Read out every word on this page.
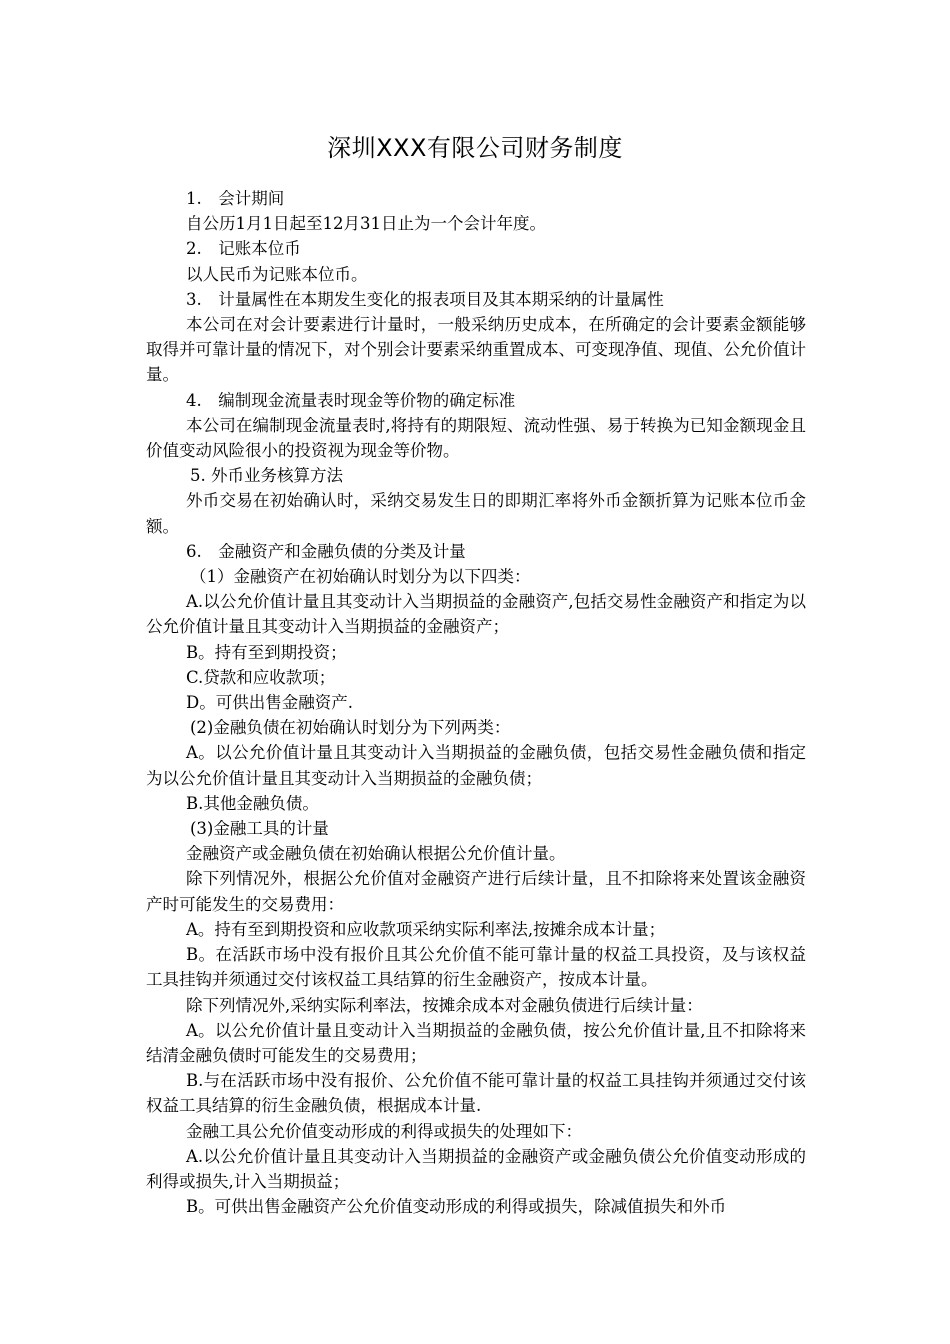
深圳XXX有限公司财务制度

1.　会计期间

自公历1月1日起至12月31日止为一个会计年度。

2.　记账本位币

以人民币为记账本位币。

3.　计量属性在本期发生变化的报表项目及其本期采纳的计量属性

本公司在对会计要素进行计量时，一般采纳历史成本，在所确定的会计要素金额能够取得并可靠计量的情况下，对个别会计要素采纳重置成本、可变现净值、现值、公允价值计量。

4.　编制现金流量表时现金等价物的确定标准

本公司在编制现金流量表时,将持有的期限短、流动性强、易于转换为已知金额现金且价值变动风险很小的投资视为现金等价物。

5. 外币业务核算方法

外币交易在初始确认时，采纳交易发生日的即期汇率将外币金额折算为记账本位币金额。

6.　金融资产和金融负债的分类及计量

（1）金融资产在初始确认时划分为以下四类：

A.以公允价值计量且其变动计入当期损益的金融资产,包括交易性金融资产和指定为以公允价值计量且其变动计入当期损益的金融资产；

B。持有至到期投资；

C.贷款和应收款项；

D。可供出售金融资产.

(2)金融负债在初始确认时划分为下列两类：

A。以公允价值计量且其变动计入当期损益的金融负债，包括交易性金融负债和指定为以公允价值计量且其变动计入当期损益的金融负债；

B.其他金融负债。

(3)金融工具的计量

金融资产或金融负债在初始确认根据公允价值计量。

除下列情况外，根据公允价值对金融资产进行后续计量，且不扣除将来处置该金融资产时可能发生的交易费用：

A。持有至到期投资和应收款项采纳实际利率法,按摊余成本计量；

B。在活跃市场中没有报价且其公允价值不能可靠计量的权益工具投资，及与该权益工具挂钩并须通过交付该权益工具结算的衍生金融资产，按成本计量。

除下列情况外,采纳实际利率法，按摊余成本对金融负债进行后续计量：

A。以公允价值计量且变动计入当期损益的金融负债，按公允价值计量,且不扣除将来结清金融负债时可能发生的交易费用；

B.与在活跃市场中没有报价、公允价值不能可靠计量的权益工具挂钩并须通过交付该权益工具结算的衍生金融负债，根据成本计量.

金融工具公允价值变动形成的利得或损失的处理如下：

A.以公允价值计量且其变动计入当期损益的金融资产或金融负债公允价值变动形成的利得或损失,计入当期损益；

B。可供出售金融资产公允价值变动形成的利得或损失，除减值损失和外币
